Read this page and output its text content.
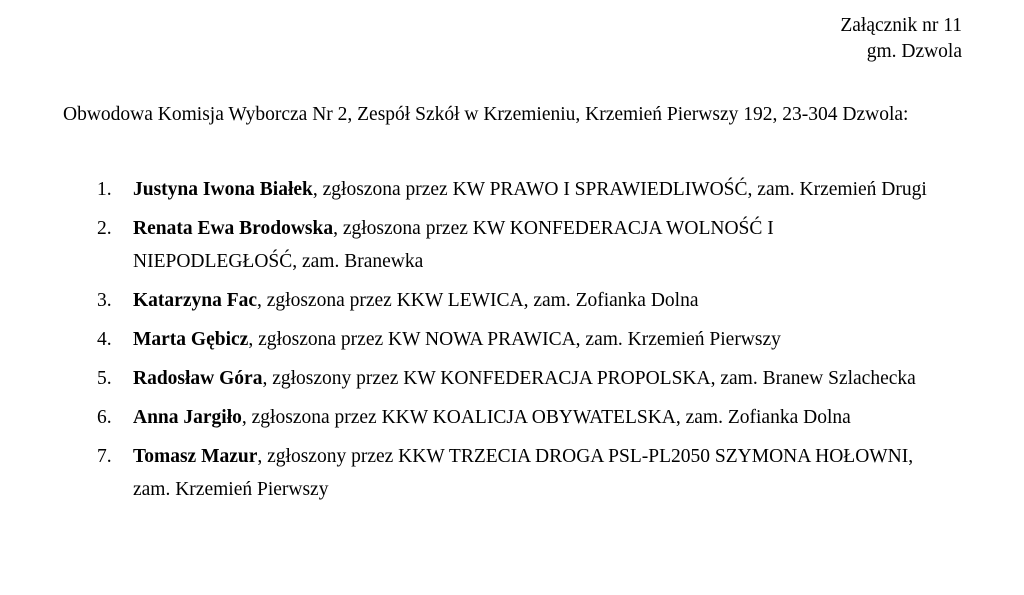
Załącznik nr 11
gm. Dzwola
Obwodowa Komisja Wyborcza Nr 2, Zespół Szkół w Krzemieniu, Krzemień Pierwszy 192, 23-304 Dzwola:
1.	Justyna Iwona Białek, zgłoszona przez KW PRAWO I SPRAWIEDLIWOŚĆ, zam. Krzemień Drugi
2.	Renata Ewa Brodowska, zgłoszona przez KW KONFEDERACJA WOLNOŚĆ I NIEPODLEGŁOŚĆ, zam. Branewka
3.	Katarzyna Fac, zgłoszona przez KKW LEWICA, zam. Zofianka Dolna
4.	Marta Gębicz, zgłoszona przez KW NOWA PRAWICA, zam. Krzemień Pierwszy
5.	Radosław Góra, zgłoszony przez KW KONFEDERACJA PROPOLSKA, zam. Branew Szlachecka
6.	Anna Jargiło, zgłoszona przez KKW KOALICJA OBYWATELSKA, zam. Zofianka Dolna
7.	Tomasz Mazur, zgłoszony przez KKW TRZECIA DROGA PSL-PL2050 SZYMONA HOŁOWNI, zam. Krzemień Pierwszy
